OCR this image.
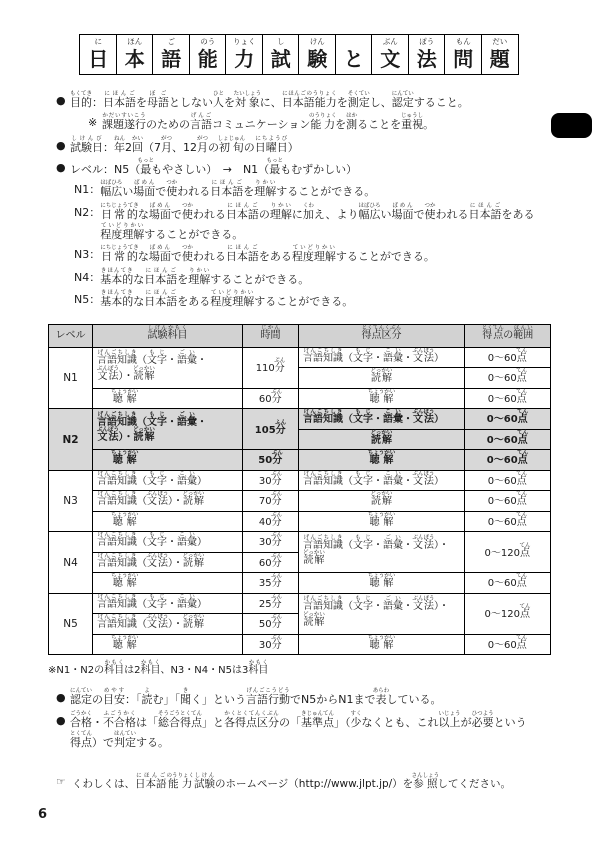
に
日
ほん
本
ご
語
のう
能
りょく
力
し
試
けん
験 と
ぶん
文
ぽう
法
もん
問
だい
題
● 目的もくてき：日本語にほんごを母語ぼごとしない人ひとを対象たいしょうに、日本語能力にほんごのうりょくを測定そくていし、認定にんていすること。
※ 課題遂行かだいすいこうのための言語げんごコミュニケーション能力のうりょくを測はかることを重視じゅうし。
● 試験日しけんび：年ねん2回かい（7月がつ、12月がつの初旬しょじゅんの日曜日にちようび）
● レベル：N5（最もっともやさしい）　→　N1（最もっともむずかしい）
N1： 幅広はばひろい場面ばめんで使つかわれる日本語にほんごを理解りかいすることができる。
N2： 日常的にちじょうてきな場面ばめんで使つかわれる日本語にほんごの理解りかいに加くわえ、より幅広はばひろい場面ばめんで使つかわれる日本語にほんごをある程度理解ていどりかいすることができる。
N3： 日常的にちじょうてきな場面ばめんで使つかわれる日本語にほんごをある程度理解ていどりかいすることができる。
N4： 基本的きほんてきな日本語にほんごを理解りかいすることができる。
N5： 基本的きほんてきな日本語にほんごをある程度理解ていどりかいすることができる。
レベル	試験科目しけんかもく	時間じかん	得点区分とくてんくぶん	得点とくてんの範囲はんい
N1	言語知識げんごちしき（文字もじ・語彙ごい・文法ぶんぽう）・読解どっかい	110分ぷん	言語知識げんごちしき（文字もじ・語彙ごい・文法ぶんぽう）	0〜60点てん
			読解どっかい	0〜60点てん
	聴解ちょうかい	60分ぷん	聴解ちょうかい	0〜60点てん
N2	言語知識げんごちしき（文字もじ・語彙ごい・文法ぶんぽう）・読解どっかい	105分ふん	言語知識げんごちしき（文字もじ・語彙ごい・文法ぶんぽう）	0〜60点てん
			読解どっかい	0〜60点てん
	聴解ちょうかい	50分ぷん	聴解ちょうかい	0〜60点てん
N3	言語知識げんごちしき（文字もじ・語彙ごい）	30分ぷん	言語知識げんごちしき（文字もじ・語彙ごい・文法ぶんぽう）	0〜60点てん
	言語知識げんごちしき（文法ぶんぽう）・読解どっかい	70分ぷん	読解どっかい	0〜60点てん
	聴解ちょうかい	40分ぷん	聴解ちょうかい	0〜60点てん
N4	言語知識げんごちしき（文字もじ・語彙ごい）	30分ぷん	言語知識げんごちしき（文字もじ・語彙ごい・文法ぶんぽう）・読解どっかい	0〜120点てん
	言語知識げんごちしき（文法ぶんぽう）・読解どっかい	60分ぷん		
	聴解ちょうかい	35分ふん	聴解ちょうかい	0〜60点てん
N5	言語知識げんごちしき（文字もじ・語彙ごい）	25分ふん	言語知識げんごちしき（文字もじ・語彙ごい・文法ぶんぽう）・読解どっかい	0〜120点てん
	言語知識げんごちしき（文法ぶんぽう）・読解どっかい	50分ぷん		
	聴解ちょうかい	30分ぷん	聴解ちょうかい	0〜60点てん
※N1・N2の科目かもくは2科目かもく、N3・N4・N5は3科目かもく
● 認定にんていの目安めやす：「読よむ」「聞きく」という言語行動げんごこうどうでN5からN1まで表あらわしている。
● 合格ごうかく・不合格ふごうかくは「総合得点そうごうとくてん」と各得点区分かくとくてんくぶんの「基準点きじゅんてん」（少すくなくとも、これ以上いじょうが必要ひつようという得点とくてん）で判定はんていする。
☞ くわしくは、日本語にほんご能力のうりょく試験しけんのホームページ（http://www.jlpt.jp/）を参照さんしょうしてください。
6
